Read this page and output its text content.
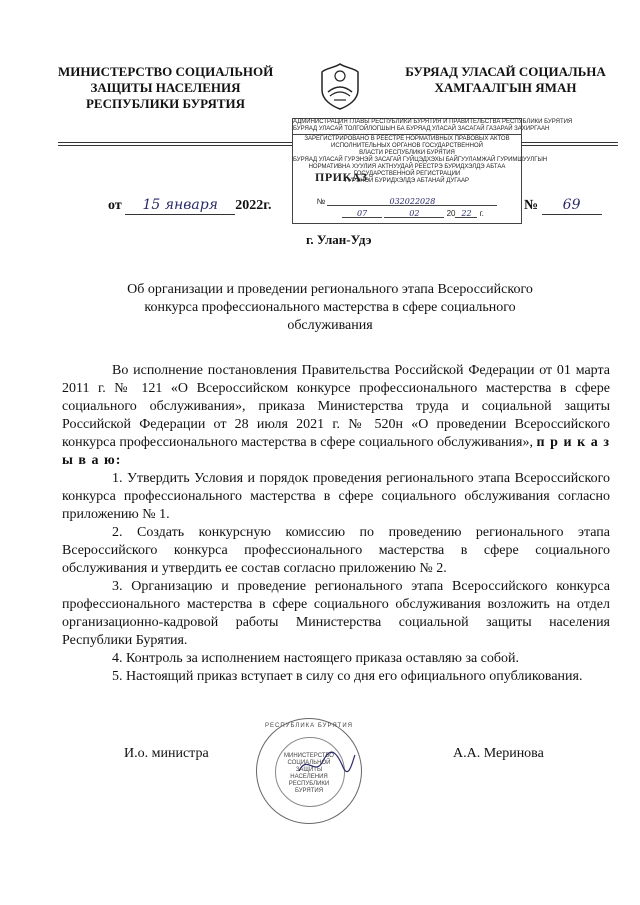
МИНИСТЕРСТВО СОЦИАЛЬНОЙ
ЗАЩИТЫ НАСЕЛЕНИЯ
РЕСПУБЛИКИ БУРЯТИЯ
БУРЯАД УЛАСАЙ СОЦИАЛЬНА
ХАМГААЛГЫН ЯМАН
АДМИНИСТРАЦИЯ ГЛАВЫ РЕСПУБЛИКИ БУРЯТИЯ И ПРАВИТЕЛЬСТВА РЕСПУБЛИКИ БУРЯТИЯ
БУРЯАД УЛАСАЙ ТОЛГОЙЛОГШЫН БА БУРЯАД УЛАСАЙ ЗАСАГАЙ ГАЗАРАЙ ЗАХИРГААН
ЗАРЕГИСТРИРОВАНО В РЕЕСТРЕ НОРМАТИВНЫХ ПРАВОВЫХ АКТОВ
ИСПОЛНИТЕЛЬНЫХ ОРГАНОВ ГОСУДАРСТВЕННОЙ
ВЛАСТИ РЕСПУБЛИКИ БУРЯТИЯ
БУРЯАД УЛАСАЙ ГУРЭНЭЙ ЗАСАГАЙ ГУЙЦЭДХЭХЫ БАЙГУУЛАМЖАЙ ГУРИМШУУЛГЫН
НОРМАТИВНА ХУУЛИЯ АКТНУУДАЙ РЕЕСТРЭ БУРИДХЭЛДЭ АБТАА
ГОСУДАРСТВЕННОЙ РЕГИСТРАЦИИ
ГУРЭНЭЙ БУРИДХЭЛДЭ АБТАНАЙ ДУГААР
ПРИКАЗ
№	032022028
07	02	20 22 г.
от 15 января 2022г.	№ 69
г. Улан-Удэ
Об организации и проведении регионального этапа Всероссийского конкурса профессионального мастерства в сфере социального обслуживания

Во исполнение постановления Правительства Российской Федерации от 01 марта 2011 г. № 121 «О Всероссийском конкурсе профессионального мастерства в сфере социального обслуживания», приказа Министерства труда и социальной защиты Российской Федерации от 28 июля 2021 г. № 520н «О проведении Всероссийского конкурса профессионального мастерства в сфере социального обслуживания», п р и к а з ы в а ю:

1. Утвердить Условия и порядок проведения регионального этапа Всероссийского конкурса профессионального мастерства в сфере социального обслуживания согласно приложению № 1.

2. Создать конкурсную комиссию по проведению регионального этапа Всероссийского конкурса профессионального мастерства в сфере социального обслуживания и утвердить ее состав согласно приложению № 2.

3. Организацию и проведение регионального этапа Всероссийского конкурса профессионального мастерства в сфере социального обслуживания возложить на отдел организационно-кадровой работы Министерства социальной защиты населения Республики Бурятия.

4. Контроль за исполнением настоящего приказа оставляю за собой.

5. Настоящий приказ вступает в силу со дня его официального опубликования.

И.о. министра
РЕСПУБЛИКА БУРЯТИЯ
МИНИСТЕРСТВО
СОЦИАЛЬНОЙ
ЗАЩИТЫ
НАСЕЛЕНИЯ
РЕСПУБЛИКИ
БУРЯТИЯ
А.А. Меринова
